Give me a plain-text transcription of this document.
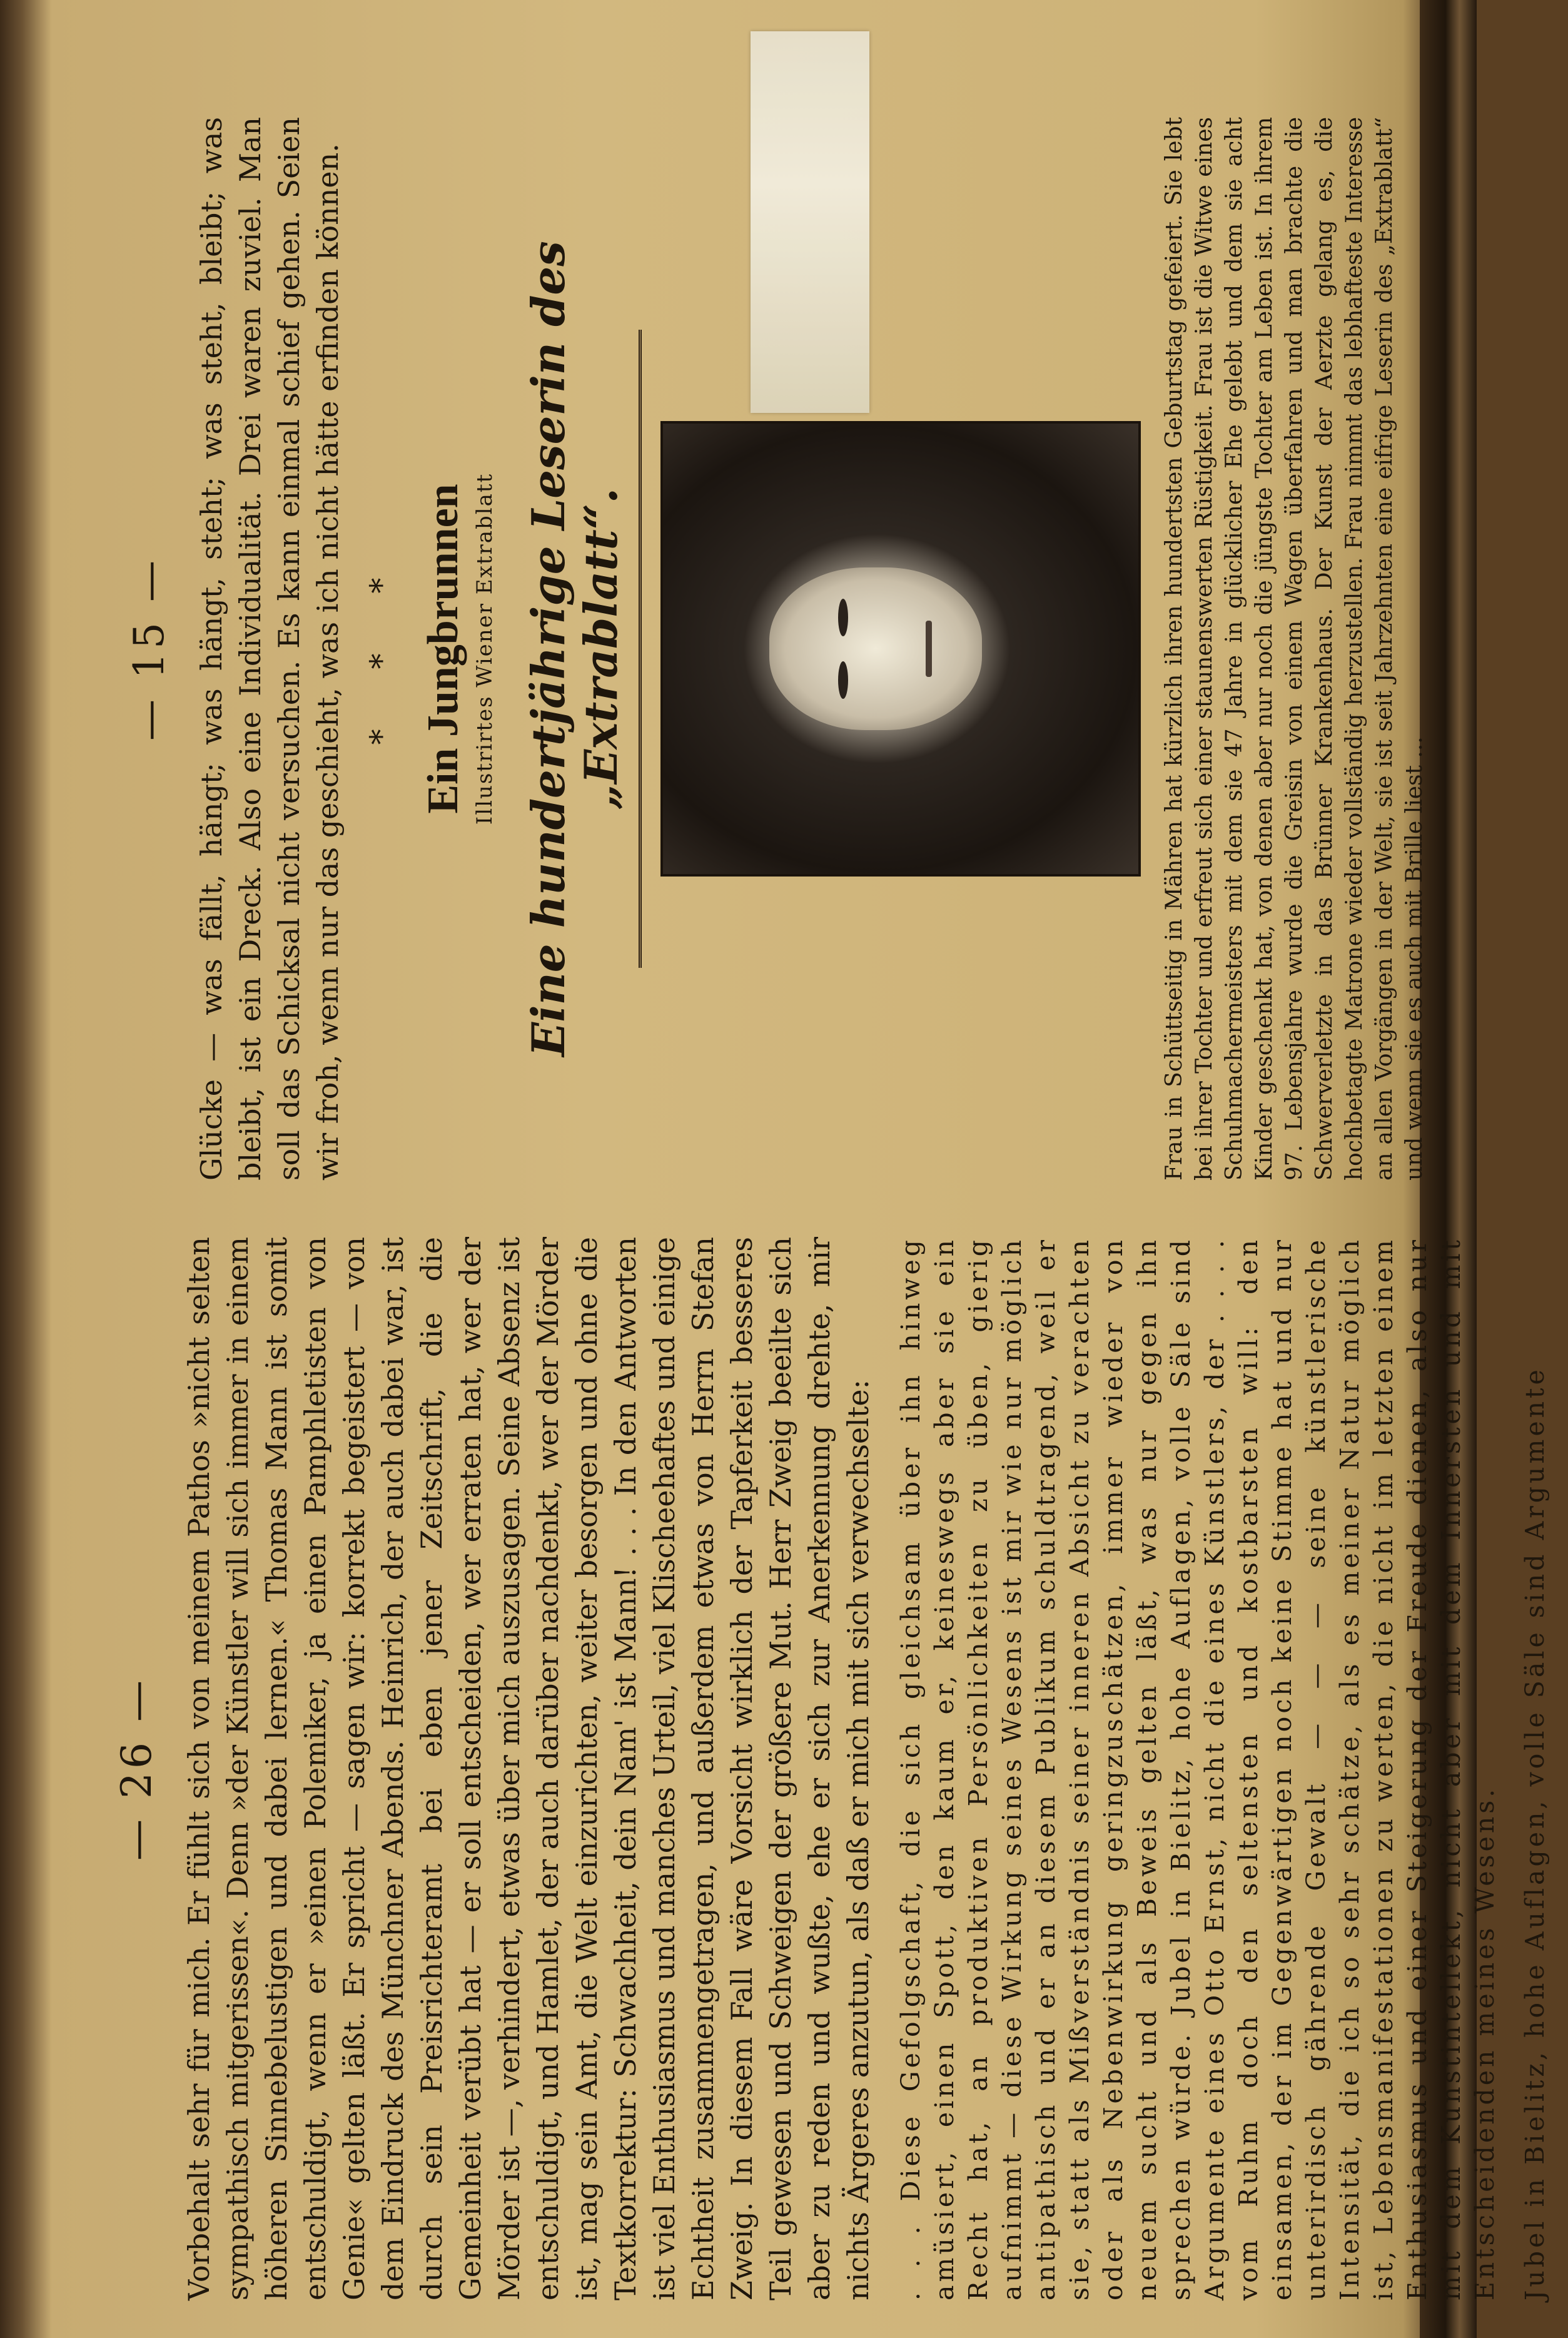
— 26 — Vorbehalt sehr für mich. Er fühlt sich von meinem Pathos »nicht selten sympathisch mitgerissen«. Denn »der Künstler will sich immer in einem höheren Sinnebelustigen und dabei lernen.« Thomas Mann ist somit entschuldigt, wenn er »einen Polemiker, ja einen Pamphletisten von Genie« gelten läßt. Er spricht — sagen wir: korrekt begeistert — von dem Eindruck des Münchner Abends. Heinrich, der auch dabei war, ist durch sein Preisrichteramt bei eben jener Zeitschrift, die die Gemeinheit verübt hat — er soll entscheiden, wer erraten hat, wer der Mörder ist —, verhindert, etwas über mich auszusagen. Seine Absenz ist entschuldigt, und Hamlet, der auch darüber nachdenkt, wer der Mörder ist, mag sein Amt, die Welt einzurichten, weiter besorgen und ohne die Textkorrektur: Schwachheit, dein Nam' ist Mann! . . . In den Antworten ist viel Enthusiasmus und manches Urteil, viel Klischeehaftes und einige Echtheit zusammengetragen, und außerdem etwas von Herrn Stefan Zweig. In diesem Fall wäre Vorsicht wirklich der Tapferkeit besseres Teil gewesen und Schweigen der größere Mut. Herr Zweig beeilte sich aber zu reden und wußte, ehe er sich zur Anerkennung drehte, mir nichts Ärgeres anzutun, als daß er mich mit sich verwechselte: . . . Diese Gefolgschaft, die sich gleichsam über ihn hinweg amüsiert, einen Spott, den kaum er, keineswegs aber sie ein Recht hat, an produktiven Persönlichkeiten zu üben, gierig aufnimmt — diese Wirkung seines Wesens ist mir wie nur möglich antipathisch und er an diesem Publikum schuldtragend, weil er sie, statt als Mißverständnis seiner inneren Absicht zu verachten oder als Nebenwirkung geringzuschätzen, immer wieder von neuem sucht und als Beweis gelten läßt, was nur gegen ihn sprechen würde. Jubel in Bielitz, hohe Auflagen, volle Säle sind Argumente eines Otto Ernst, nicht die eines Künstlers, der . . . . vom Ruhm doch den seltensten und kostbarsten will: den einsamen, der im Gegenwärtigen noch keine Stimme hat und nur unterirdisch gährende Gewalt — — — seine künstlerische Intensität, die ich so sehr schätze, als es meiner Natur möglich ist, Lebensmanifestationen zu werten, die nicht im letzten einem Enthusiasmus und einer Steigerung der Freude dienen, also nur mit dem Kunstintellekt, nicht aber mit dem Innersten und mit Entscheidenden meines Wesens. Jubel in Bielitz, hohe Auflagen, volle Säle sind Argumente

— 15 — Glücke — was fällt, hängt; was hängt, steht; was steht, bleibt; was bleibt, ist ein Dreck. Also eine Individualität. Drei waren zuviel. Man soll das Schicksal nicht versuchen. Es kann einmal schief gehen. Seien wir froh, wenn nur das geschieht, was ich nicht hätte erfinden können. * * * Ein Jungbrunnen Illustrirtes Wiener Extrablatt Eine hundertjährige Leserin des „Extrablatt“.	Frau in Schüttseitig in Mähren hat kürzlich ihren hundertsten Geburtstag gefeiert. Sie lebt bei ihrer Tochter und erfreut sich einer staunenswerten Rüstigkeit. Frau ist die Witwe eines Schuhmachermeisters mit dem sie 47 Jahre in glücklicher Ehe gelebt und dem sie acht Kinder geschenkt hat, von denen aber nur noch die jüngste Tochter am Leben ist. In ihrem 97. Lebensjahre wurde die Greisin von einem Wagen überfahren und man brachte die Schwerverletzte in das Brünner Krankenhaus. Der Kunst der Aerzte gelang es, die hochbetagte Matrone wieder vollständig herzustellen. Frau nimmt das lebhafteste Interesse an allen Vorgängen in der Welt, sie ist seit Jahrzehnten eine eifrige Leserin des „Extrablatt“ und wenn sie es auch mit Brille liest ...
